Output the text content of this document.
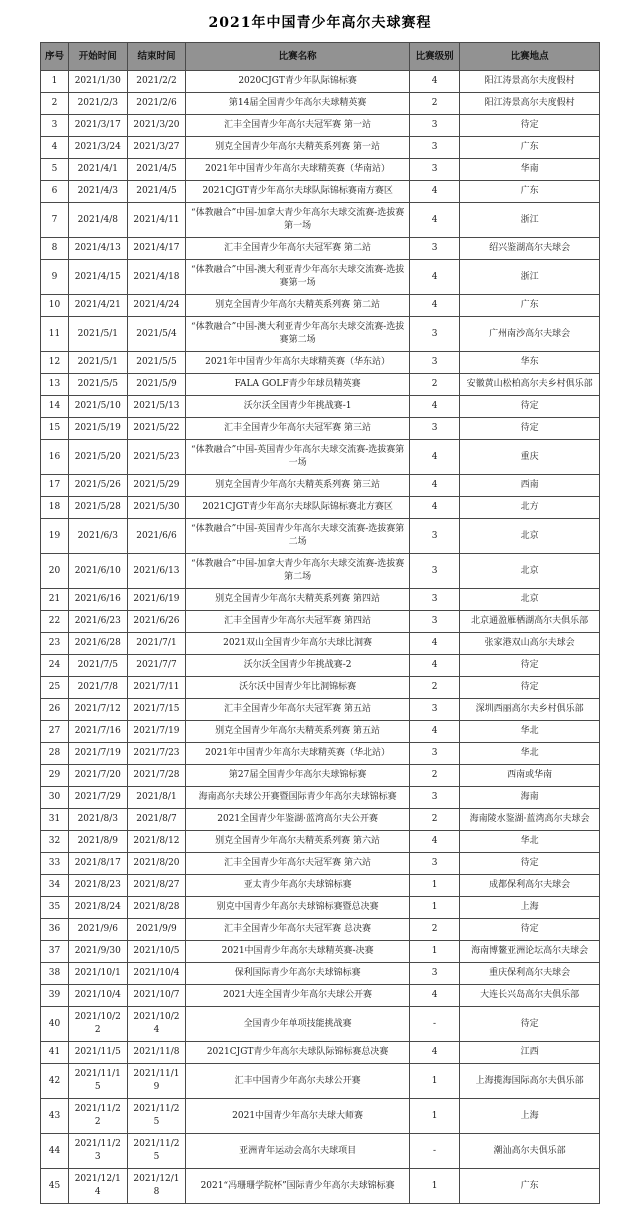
2021年中国青少年高尔夫球赛程
序号	开始时间	结束时间	比赛名称	比赛级别	比赛地点
1	2021/1/30	2021/2/2	2020CJGT青少年队际锦标赛	4	阳江涛景高尔夫度假村
2	2021/2/3	2021/2/6	第14届全国青少年高尔夫球精英赛	2	阳江涛景高尔夫度假村
3	2021/3/17	2021/3/20	汇丰全国青少年高尔夫冠军赛 第一站	3	待定
4	2021/3/24	2021/3/27	别克全国青少年高尔夫精英系列赛 第一站	3	广东
5	2021/4/1	2021/4/5	2021年中国青少年高尔夫球精英赛（华南站）	3	华南
6	2021/4/3	2021/4/5	2021CJGT青少年高尔夫球队际锦标赛南方赛区	4	广东
7	2021/4/8	2021/4/11	“体教融合”中国-加拿大青少年高尔夫球交流赛-选拔赛第一场	4	浙江
8	2021/4/13	2021/4/17	汇丰全国青少年高尔夫冠军赛 第二站	3	绍兴鉴湖高尔夫球会
9	2021/4/15	2021/4/18	“体教融合”中国-澳大利亚青少年高尔夫球交流赛-选拔赛第一场	4	浙江
10	2021/4/21	2021/4/24	别克全国青少年高尔夫精英系列赛 第二站	4	广东
11	2021/5/1	2021/5/4	“体教融合”中国-澳大利亚青少年高尔夫球交流赛-选拔赛第二场	3	广州南沙高尔夫球会
12	2021/5/1	2021/5/5	2021年中国青少年高尔夫球精英赛（华东站）	3	华东
13	2021/5/5	2021/5/9	FALA GOLF青少年球员精英赛	2	安徽黄山松柏高尔夫乡村俱乐部
14	2021/5/10	2021/5/13	沃尔沃全国青少年挑战赛-1	4	待定
15	2021/5/19	2021/5/22	汇丰全国青少年高尔夫冠军赛 第三站	3	待定
16	2021/5/20	2021/5/23	“体教融合”中国-英国青少年高尔夫球交流赛-选拔赛第一场	4	重庆
17	2021/5/26	2021/5/29	别克全国青少年高尔夫精英系列赛 第三站	4	西南
18	2021/5/28	2021/5/30	2021CJGT青少年高尔夫球队际锦标赛北方赛区	4	北方
19	2021/6/3	2021/6/6	“体教融合”中国-英国青少年高尔夫球交流赛-选拔赛第二场	3	北京
20	2021/6/10	2021/6/13	“体教融合”中国-加拿大青少年高尔夫球交流赛-选拔赛第二场	3	北京
21	2021/6/16	2021/6/19	别克全国青少年高尔夫精英系列赛 第四站	3	北京
22	2021/6/23	2021/6/26	汇丰全国青少年高尔夫冠军赛 第四站	3	北京通盈雁栖湖高尔夫俱乐部
23	2021/6/28	2021/7/1	2021双山全国青少年高尔夫球比洞赛	4	张家港双山高尔夫球会
24	2021/7/5	2021/7/7	沃尔沃全国青少年挑战赛-2	4	待定
25	2021/7/8	2021/7/11	沃尔沃中国青少年比洞锦标赛	2	待定
26	2021/7/12	2021/7/15	汇丰全国青少年高尔夫冠军赛 第五站	3	深圳西丽高尔夫乡村俱乐部
27	2021/7/16	2021/7/19	别克全国青少年高尔夫精英系列赛 第五站	4	华北
28	2021/7/19	2021/7/23	2021年中国青少年高尔夫球精英赛（华北站）	3	华北
29	2021/7/20	2021/7/28	第27届全国青少年高尔夫球锦标赛	2	西南或华南
30	2021/7/29	2021/8/1	海南高尔夫球公开赛暨国际青少年高尔夫球锦标赛	3	海南
31	2021/8/3	2021/8/7	2021全国青少年鉴湖·蓝湾高尔夫公开赛	2	海南陵水鉴湖·蓝湾高尔夫球会
32	2021/8/9	2021/8/12	别克全国青少年高尔夫精英系列赛 第六站	4	华北
33	2021/8/17	2021/8/20	汇丰全国青少年高尔夫冠军赛 第六站	3	待定
34	2021/8/23	2021/8/27	亚太青少年高尔夫球锦标赛	1	成都保利高尔夫球会
35	2021/8/24	2021/8/28	别克中国青少年高尔夫球锦标赛暨总决赛	1	上海
36	2021/9/6	2021/9/9	汇丰全国青少年高尔夫冠军赛 总决赛	2	待定
37	2021/9/30	2021/10/5	2021中国青少年高尔夫球精英赛-决赛	1	海南博鳌亚洲论坛高尔夫球会
38	2021/10/1	2021/10/4	保利国际青少年高尔夫球锦标赛	3	重庆保利高尔夫球会
39	2021/10/4	2021/10/7	2021大连全国青少年高尔夫球公开赛	4	大连长兴岛高尔夫俱乐部
40	2021/10/22	2021/10/24	全国青少年单项技能挑战赛	-	待定
41	2021/11/5	2021/11/8	2021CJGT青少年高尔夫球队际锦标赛总决赛	4	江西
42	2021/11/15	2021/11/19	汇丰中国青少年高尔夫球公开赛	1	上海揽海国际高尔夫俱乐部
43	2021/11/22	2021/11/25	2021中国青少年高尔夫球大师赛	1	上海
44	2021/11/23	2021/11/25	亚洲青年运动会高尔夫球项目	-	潮汕高尔夫俱乐部
45	2021/12/14	2021/12/18	2021“冯珊珊学院杯”国际青少年高尔夫球锦标赛	1	广东
